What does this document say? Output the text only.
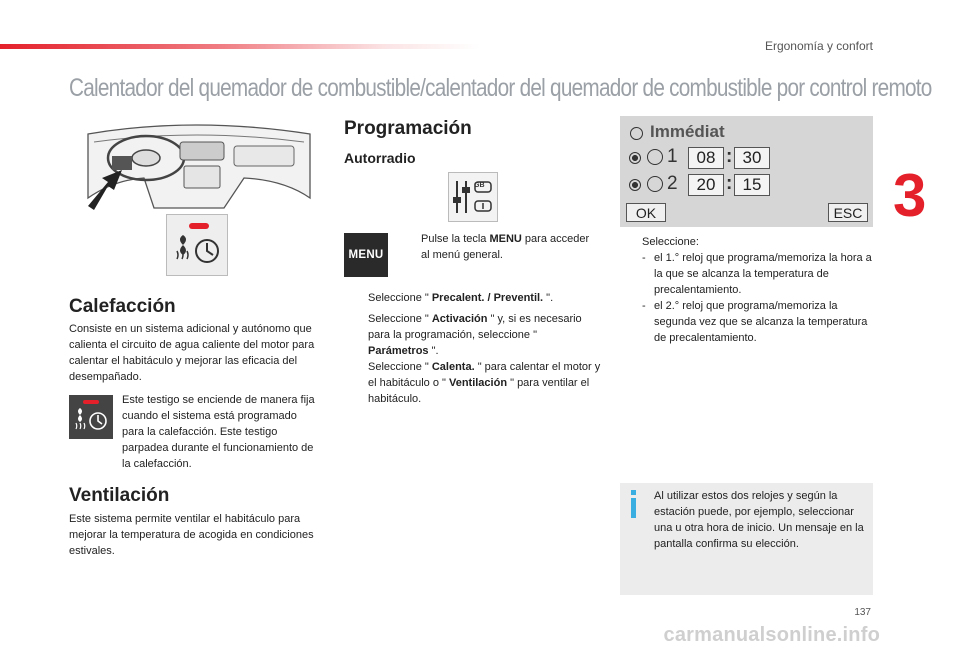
Ergonomía y confort
Calentador del quemador de combustible/calentador del quemador de combustible por control remoto
3
Calefacción

Consiste en un sistema adicional y autónomo que calienta el circuito de agua caliente del motor para calentar el habitáculo y mejorar las eficacia del desempañado.

Este testigo se enciende de manera fija cuando el sistema está programado para la calefacción. Este testigo parpadea durante el funcionamiento de la calefacción.

Ventilación

Este sistema permite ventilar el habitáculo para mejorar la temperatura de acogida en condiciones estivales.

Programación
Autorradio
GB
MENU
Pulse la tecla MENU para acceder al menú general.
Seleccione " Precalent. / Preventil. ".
Seleccione " Activación " y, si es necesario para la programación, seleccione " Parámetros ".
Seleccione " Calenta. " para calentar el motor y el habitáculo o " Ventilación " para ventilar el habitáculo.
Immédiat
1	08 : 30
2	20 : 15
OK	ESC
Seleccione:
- el 1.° reloj que programa/memoriza la hora a la que se alcanza la temperatura de precalentamiento.
- el 2.° reloj que programa/memoriza la segunda vez que se alcanza la temperatura de precalentamiento.

Al utilizar estos dos relojes y según la estación puede, por ejemplo, seleccionar una u otra hora de inicio. Un mensaje en la pantalla confirma su elección.

137
carmanualsonline.info
